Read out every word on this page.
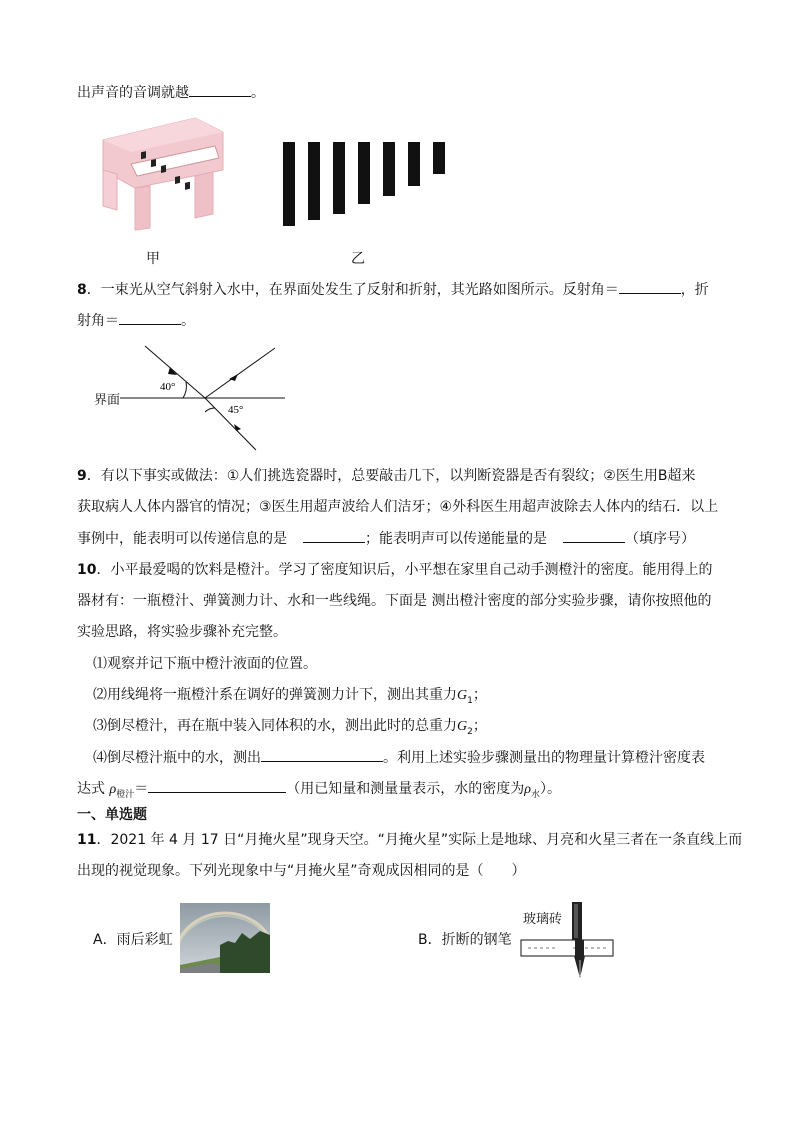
出声音的音调就越	。
甲	乙
8．一束光从空气斜射入水中，在界面处发生了反射和折射，其光路如图所示。反射角＝	，折
射角＝	。
40°
45°
界面
9．有以下事实或做法：①人们挑选瓷器时，总要敲击几下，以判断瓷器是否有裂纹；②医生用B超来
获取病人人体内器官的情况；③医生用超声波给人们洁牙；④外科医生用超声波除去人体内的结石．以上
事例中，能表明可以传递信息的是	；能表明声可以传递能量的是	（填序号）
10．小平最爱喝的饮料是橙汁。学习了密度知识后，小平想在家里自己动手测橙汁的密度。能用得上的
器材有：一瓶橙汁、弹簧测力计、水和一些线绳。下面是 测出橙汁密度的部分实验步骤，请你按照他的
实验思路，将实验步骤补充完整。
⑴观察并记下瓶中橙汁液面的位置。
⑵用线绳将一瓶橙汁系在调好的弹簧测力计下，测出其重力$G_1$；
⑶倒尽橙汁，再在瓶中装入同体积的水，测出此时的总重力$G_2$；
⑷倒尽橙汁瓶中的水，测出	。利用上述实验步骤测量出的物理量计算橙汁密度表
达式 $\rho_{橙汁}=$	（用已知量和测量量表示，水的密度为$\rho_水$）。
一、单选题
11．2021 年 4 月 17 日“月掩火星”现身天空。“月掩火星”实际上是地球、月亮和火星三者在一条直线上而
出现的视觉现象。下列光现象中与“月掩火星”奇观成因相同的是（　　）
A．雨后彩虹	B．折断的钢笔
玻璃砖
